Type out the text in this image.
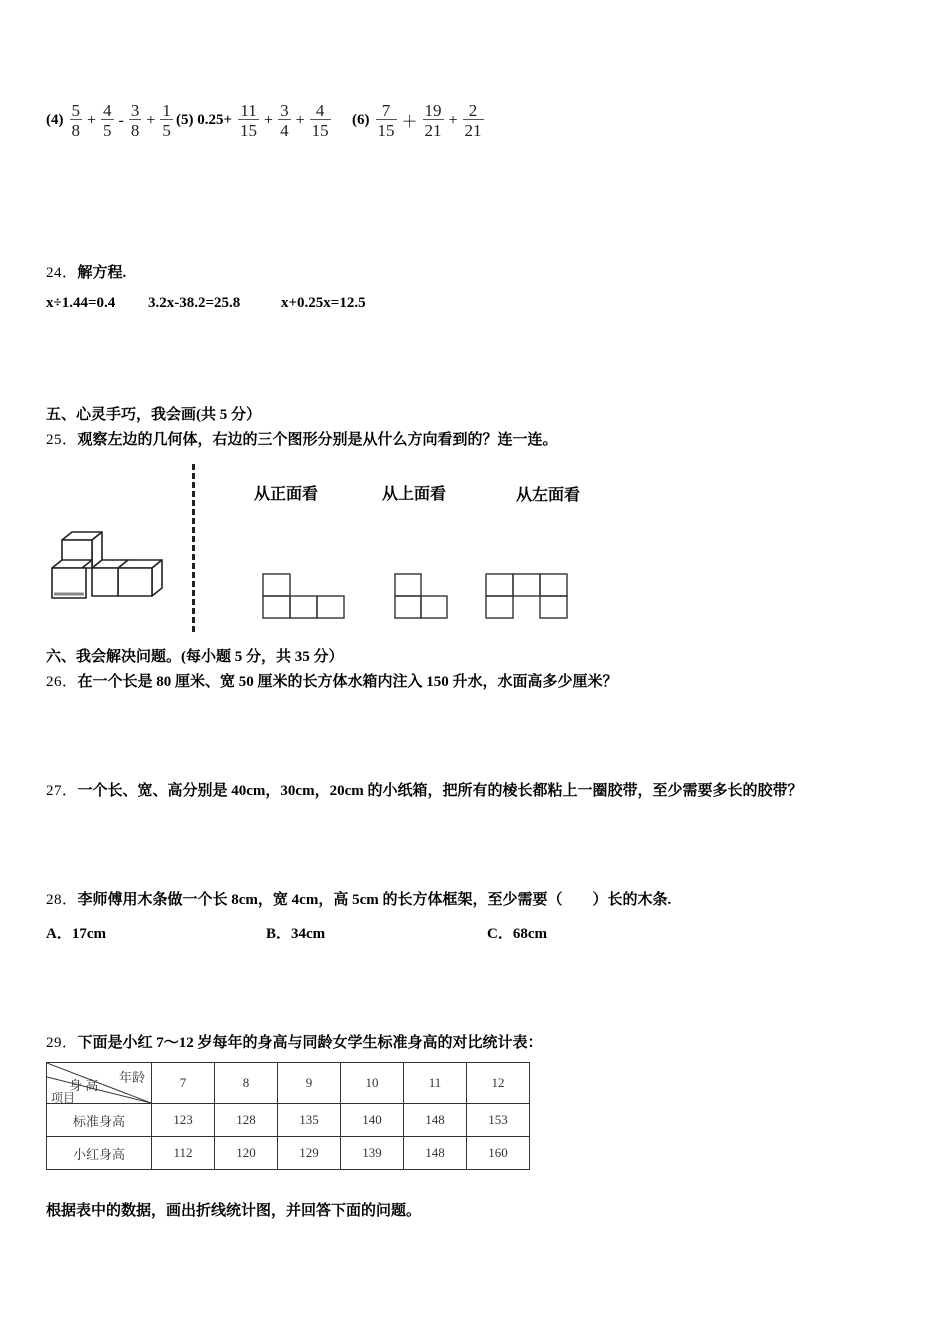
$(4) \frac{5}{8} + \frac{4}{5} - \frac{3}{8} + \frac{1}{5} (5)$ $0.25+ \frac{11}{15} + \frac{3}{4} + \frac{4}{15} (6) \frac{7}{15} + \frac{19}{21} + \frac{2}{21}$
24．解方程.
x÷1.44=0.4 3.2x-38.2=25.8	x+0.25x=12.5
五、心灵手巧，我会画(共 5 分）
25．观察左边的几何体，右边的三个图形分别是从什么方向看到的？连一连。
从正面看	从上面看	从左面看
六、我会解决问题。(每小题 5 分，共 35 分）
26．在一个长是 80 厘米、宽 50 厘米的长方体水箱内注入 150 升水，水面高多少厘米？
27．一个长、宽、高分别是 40cm，30cm，20cm 的小纸箱，把所有的棱长都粘上一圈胶带，至少需要多长的胶带？
28．李师傅用木条做一个长 8cm，宽 4cm，高 5cm 的长方体框架，至少需要（　　）长的木条.
A．17cm	B．34cm	C．68cm
29．下面是小红 7～12 岁每年的身高与同龄女学生标准身高的对比统计表：
年龄
身 高
项目	7	8	9	10	11	12
标准身高	123	128	135	140	148	153
小红身高	112	120	129	139	148	160
根据表中的数据，画出折线统计图，并回答下面的问题。
